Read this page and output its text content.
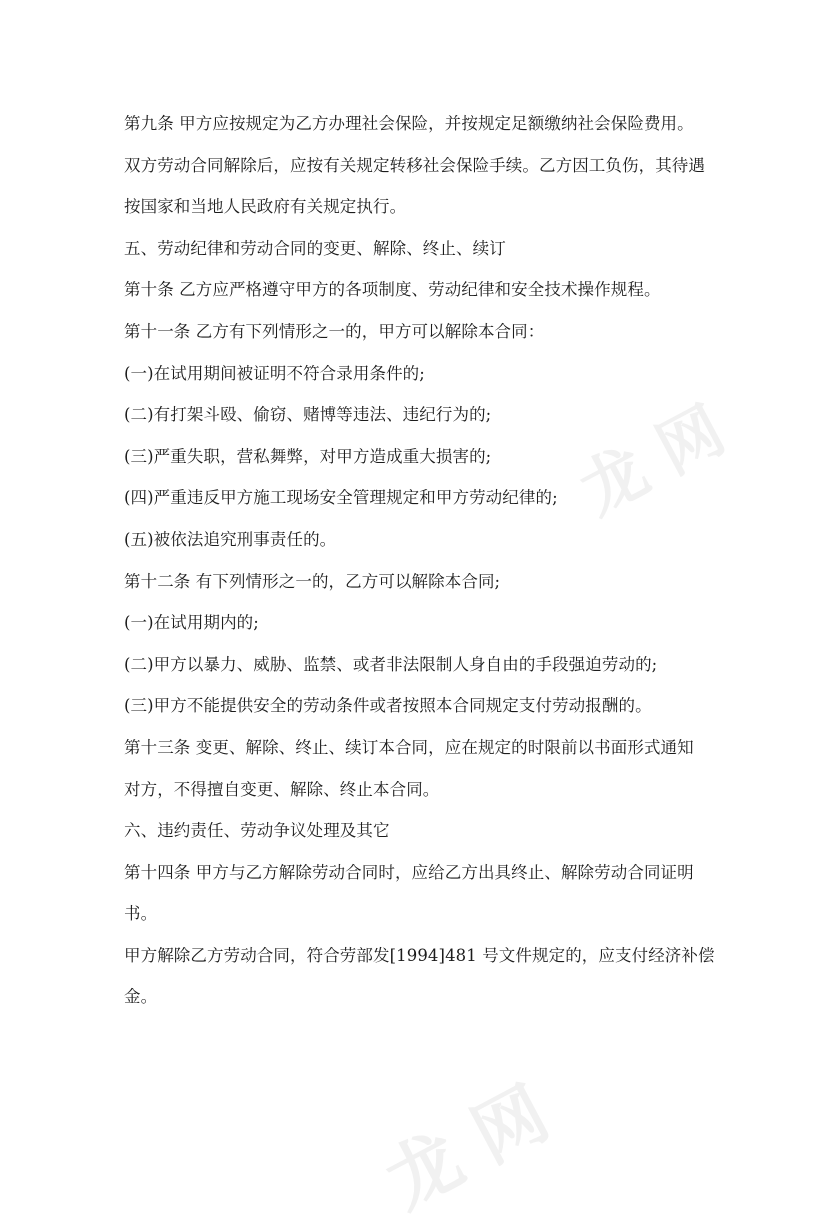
龙 网
龙 网
第九条 甲方应按规定为乙方办理社会保险，并按规定足额缴纳社会保险费用。
双方劳动合同解除后，应按有关规定转移社会保险手续。乙方因工负伤，其待遇
按国家和当地人民政府有关规定执行。
五、劳动纪律和劳动合同的变更、解除、终止、续订
第十条 乙方应严格遵守甲方的各项制度、劳动纪律和安全技术操作规程。
第十一条 乙方有下列情形之一的，甲方可以解除本合同：
(一)在试用期间被证明不符合录用条件的;
(二)有打架斗殴、偷窃、赌博等违法、违纪行为的;
(三)严重失职，营私舞弊，对甲方造成重大损害的;
(四)严重违反甲方施工现场安全管理规定和甲方劳动纪律的;
(五)被依法追究刑事责任的。
第十二条 有下列情形之一的，乙方可以解除本合同;
(一)在试用期内的;
(二)甲方以暴力、威胁、监禁、或者非法限制人身自由的手段强迫劳动的;
(三)甲方不能提供安全的劳动条件或者按照本合同规定支付劳动报酬的。
第十三条 变更、解除、终止、续订本合同，应在规定的时限前以书面形式通知
对方，不得擅自变更、解除、终止本合同。
六、违约责任、劳动争议处理及其它
第十四条 甲方与乙方解除劳动合同时，应给乙方出具终止、解除劳动合同证明
书。
甲方解除乙方劳动合同，符合劳部发[1994]481 号文件规定的，应支付经济补偿
金。
